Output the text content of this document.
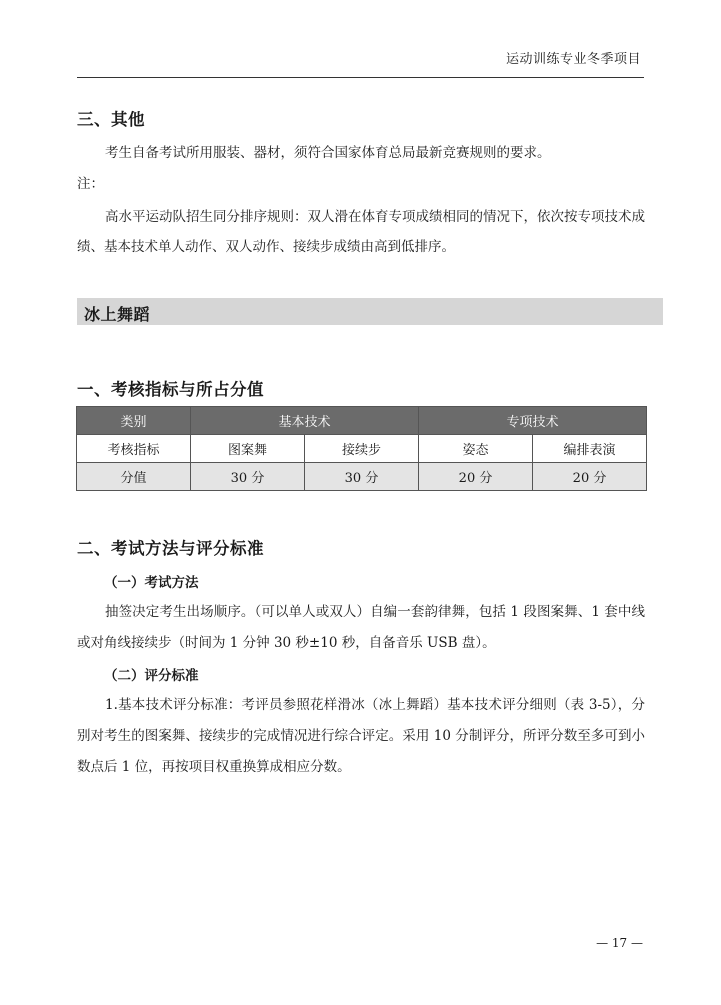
运动训练专业冬季项目
三、其他
考生自备考试所用服装、器材，须符合国家体育总局最新竞赛规则的要求。
注：
高水平运动队招生同分排序规则：双人滑在体育专项成绩相同的情况下，依次按专项技术成绩、基本技术单人动作、双人动作、接续步成绩由高到低排序。
冰上舞蹈
一、考核指标与所占分值
类别	基本技术		专项技术	
考核指标	图案舞	接续步	姿态	编排表演
分值	30 分	30 分	20 分	20 分
二、考试方法与评分标准
（一）考试方法
抽签决定考生出场顺序。（可以单人或双人）自编一套韵律舞，包括 1 段图案舞、1 套中线或对角线接续步（时间为 1 分钟 30 秒±10 秒，自备音乐 USB 盘）。
（二）评分标准
1.基本技术评分标准：考评员参照花样滑冰（冰上舞蹈）基本技术评分细则（表 3-5），分别对考生的图案舞、接续步的完成情况进行综合评定。采用 10 分制评分，所评分数至多可到小数点后 1 位，再按项目权重换算成相应分数。
— 17 —
